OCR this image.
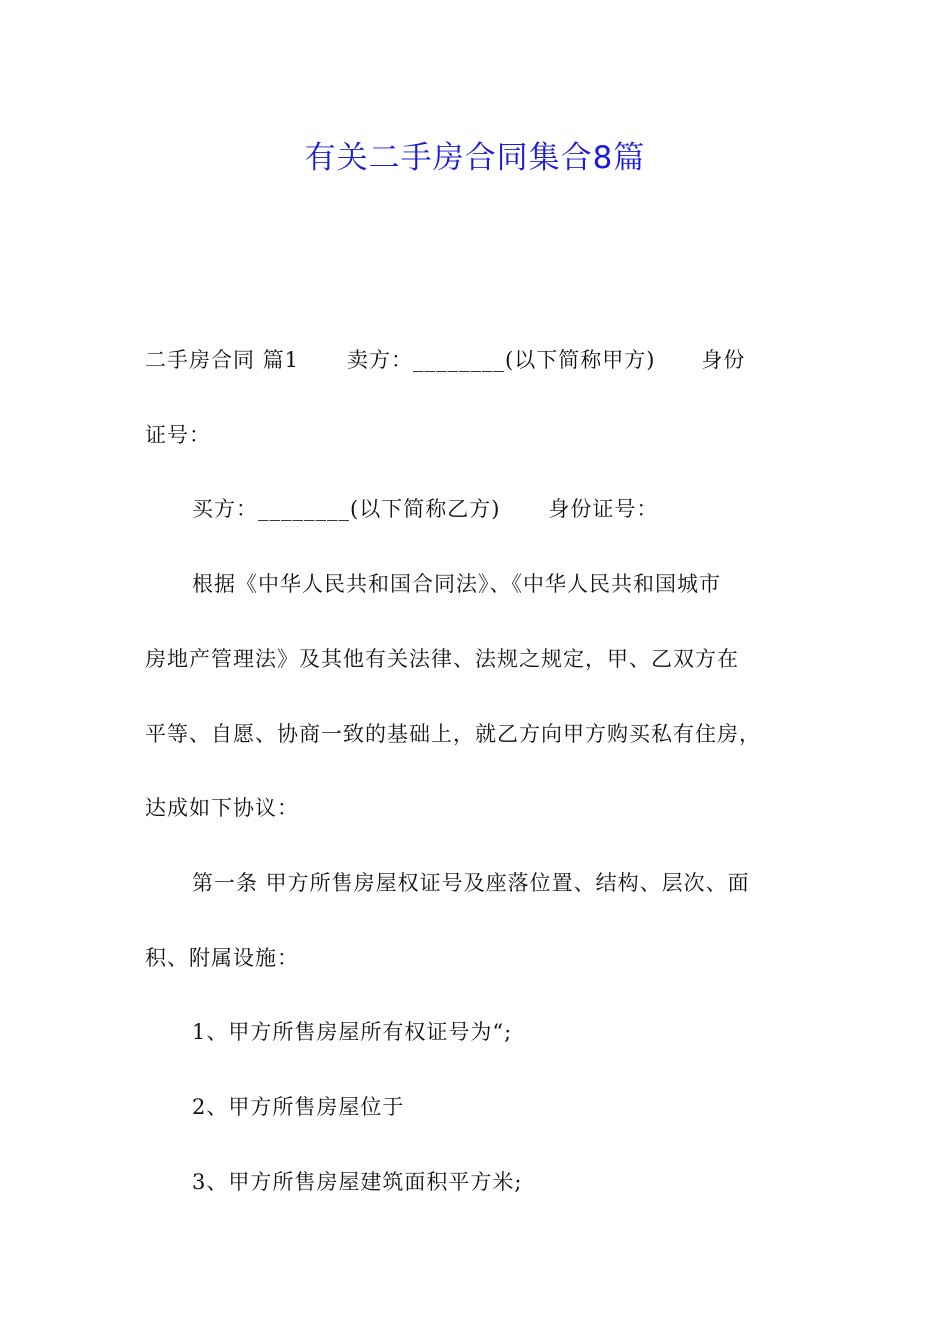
有关二手房合同集合8篇
二手房合同 篇1 卖方：________(以下简称甲方) 身份
证号：
买方：________(以下简称乙方) 身份证号：
根据《中华人民共和国合同法》、《中华人民共和国城市
房地产管理法》及其他有关法律、法规之规定，甲、乙双方在
平等、自愿、协商一致的基础上，就乙方向甲方购买私有住房，
达成如下协议：
第一条 甲方所售房屋权证号及座落位置、结构、层次、面
积、附属设施：
1、甲方所售房屋所有权证号为“;
2、甲方所售房屋位于
3、甲方所售房屋建筑面积平方米;
